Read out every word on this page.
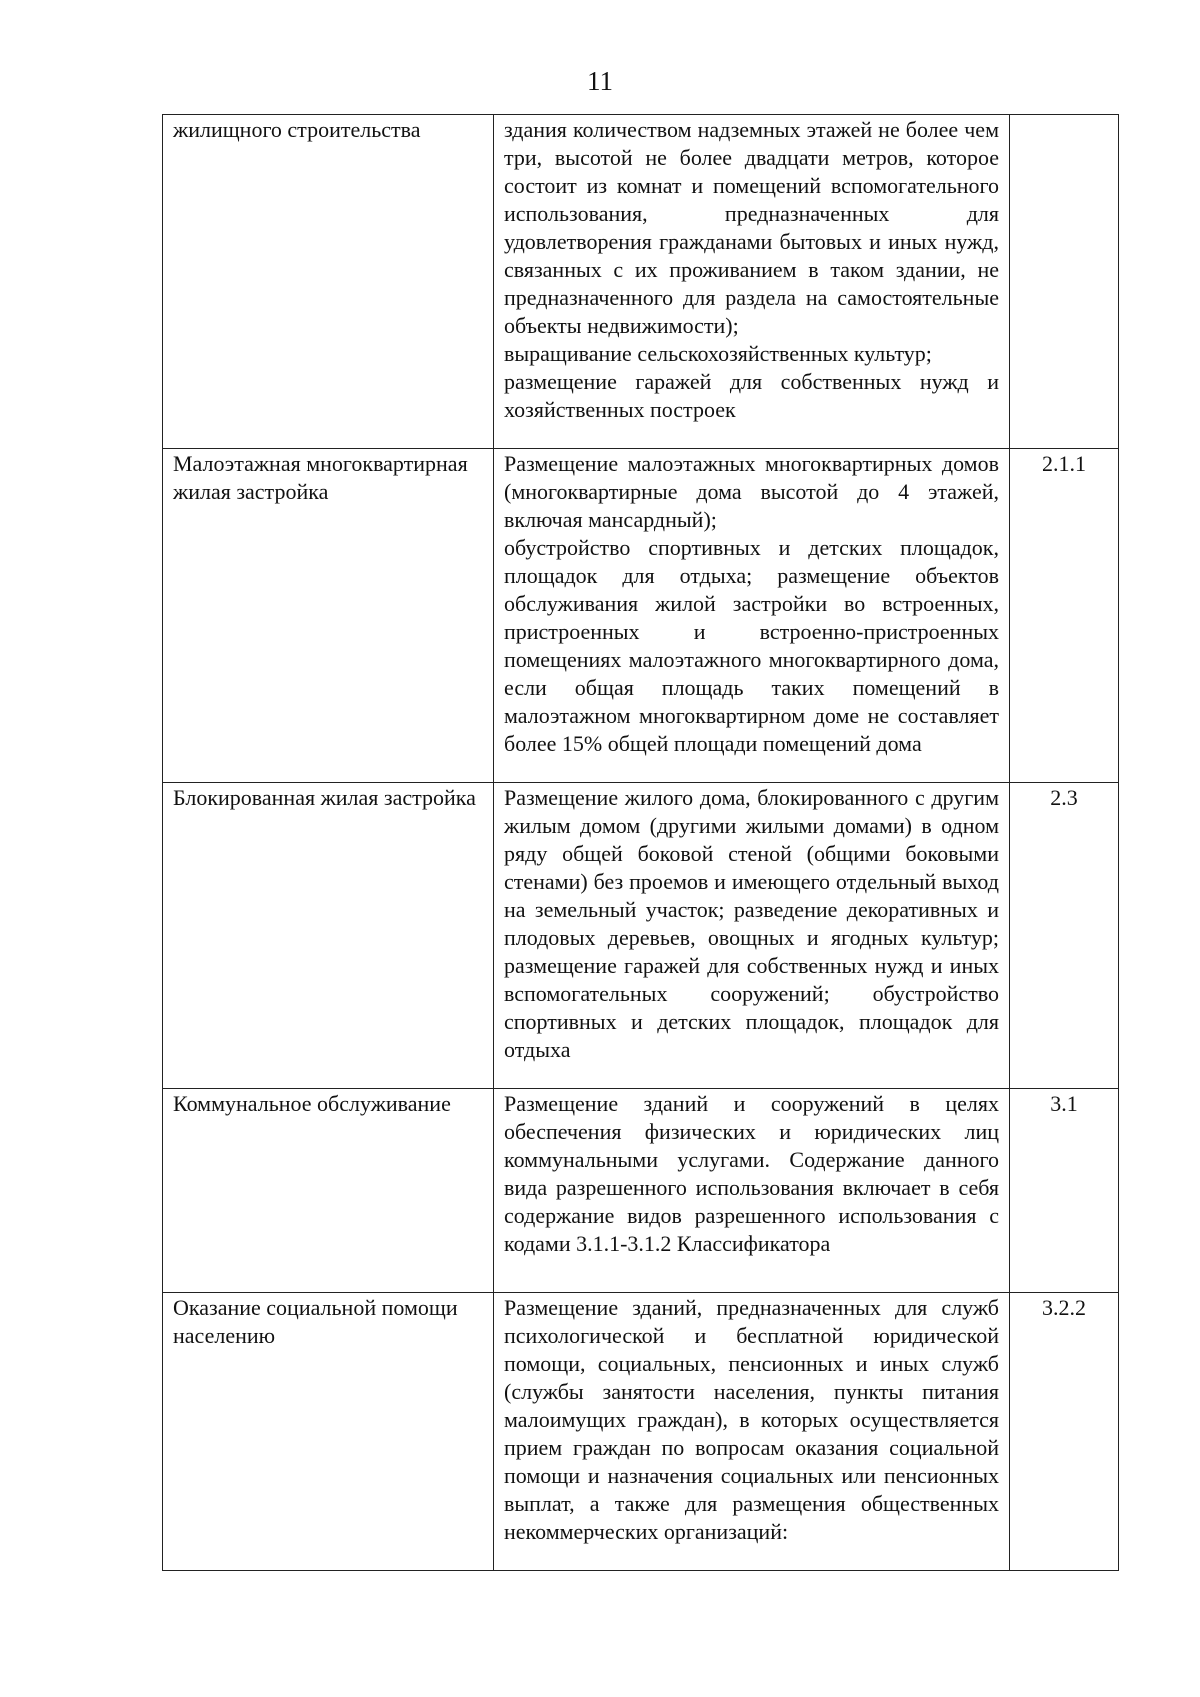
11
жилищного строительства	здания количеством надземных этажей не более чем три, высотой не более двадцати метров, которое состоит из комнат и помещений вспомогательного использования, предназначенных для удовлетворения гражданами бытовых и иных нужд, связанных с их проживанием в таком здании, не предназначенного для раздела на самостоятельные объекты недвижимости);
выращивание сельскохозяйственных культур;
размещение гаражей для собственных нужд и хозяйственных построек	

Малоэтажная многоквартирная жилая застройка	Размещение малоэтажных многоквартирных домов (многоквартирные дома высотой до 4 этажей, включая мансардный);
обустройство спортивных и детских площадок, площадок для отдыха; размещение объектов обслуживания жилой застройки во встроенных, пристроенных и встроенно-пристроенных помещениях малоэтажного многоквартирного дома, если общая площадь таких помещений в малоэтажном многоквартирном доме не составляет более 15% общей площади помещений дома	2.1.1

Блокированная жилая застройка	Размещение жилого дома, блокированного с другим жилым домом (другими жилыми домами) в одном ряду общей боковой стеной (общими боковыми стенами) без проемов и имеющего отдельный выход на земельный участок; разведение декоративных и плодовых деревьев, овощных и ягодных культур; размещение гаражей для собственных нужд и иных вспомогательных сооружений; обустройство спортивных и детских площадок, площадок для отдыха	2.3

Коммунальное обслуживание	Размещение зданий и сооружений в целях обеспечения физических и юридических лиц коммунальными услугами. Содержание данного вида разрешенного использования включает в себя содержание видов разрешенного использования с кодами 3.1.1-3.1.2 Классификатора	3.1

Оказание социальной помощи населению	Размещение зданий, предназначенных для служб психологической и бесплатной юридической помощи, социальных, пенсионных и иных служб (службы занятости населения, пункты питания малоимущих граждан), в которых осуществляется прием граждан по вопросам оказания социальной помощи и назначения социальных или пенсионных выплат, а также для размещения общественных некоммерческих организаций:	3.2.2
